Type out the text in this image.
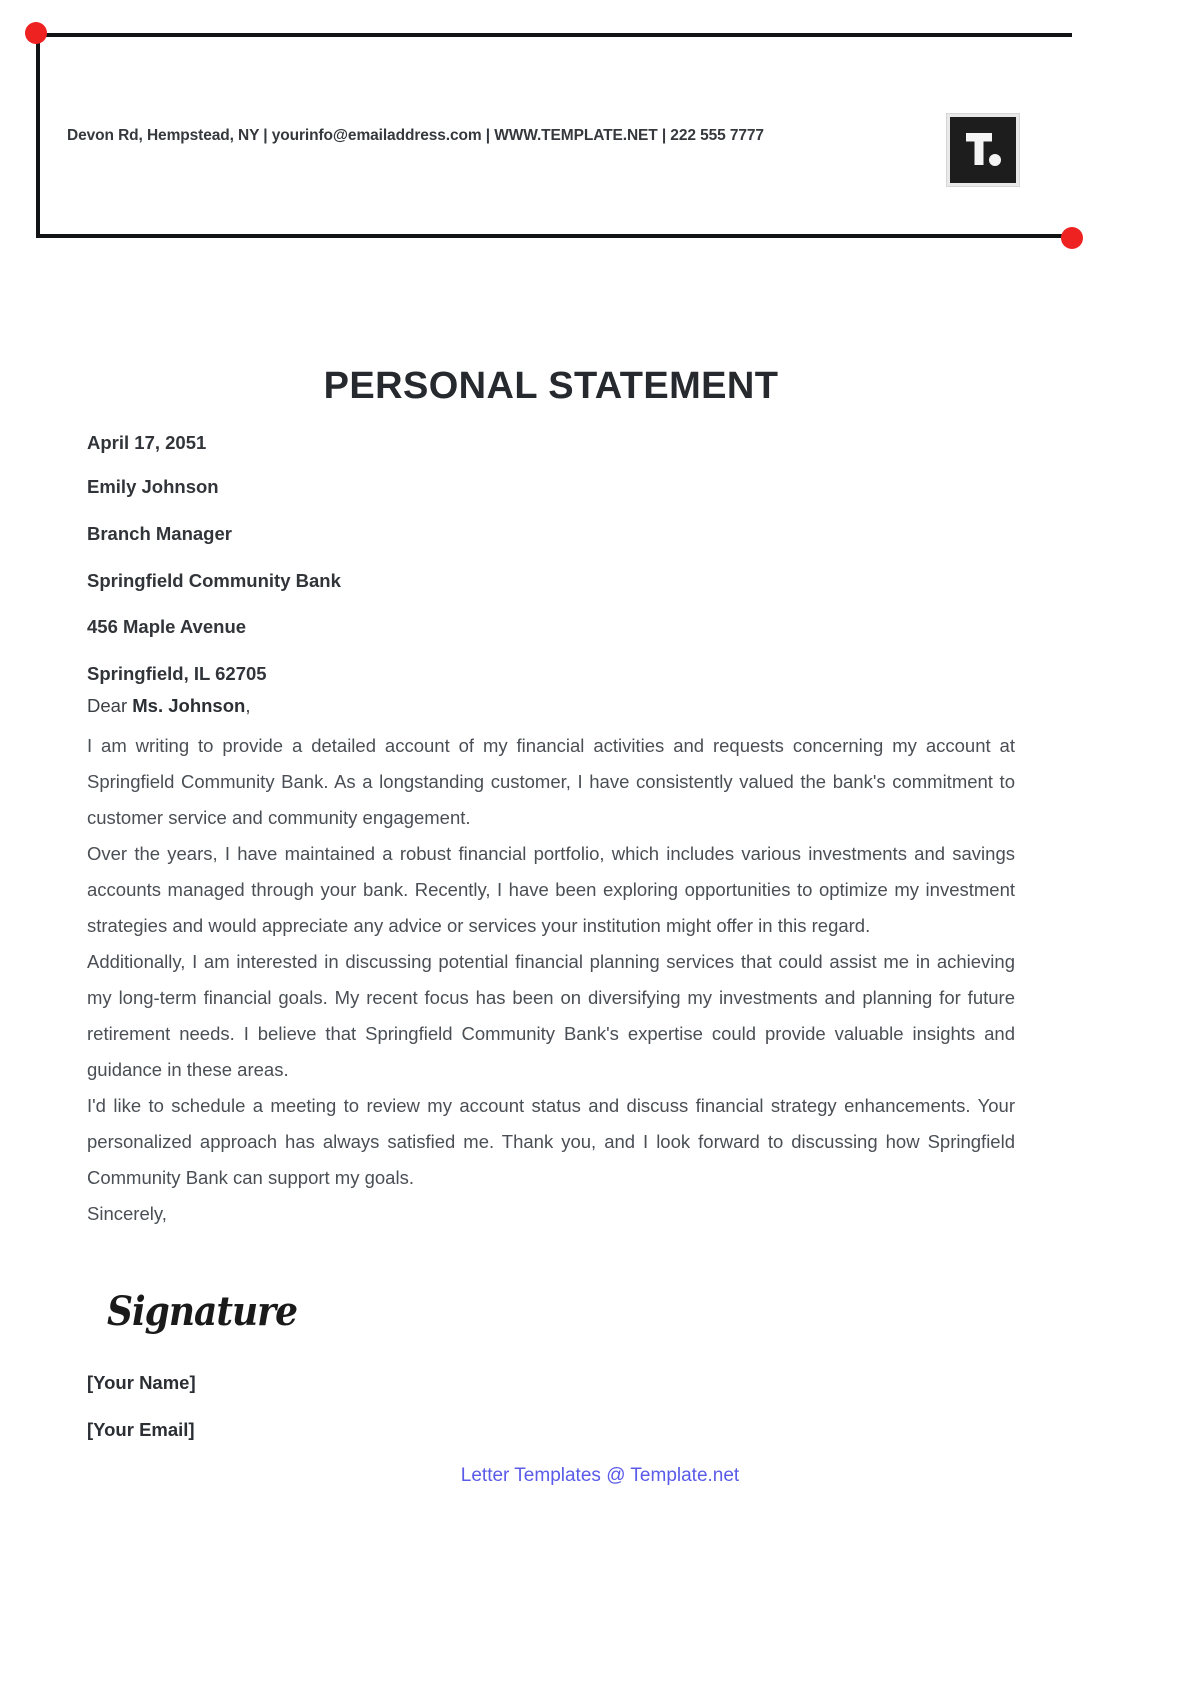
Devon Rd, Hempstead, NY | yourinfo@emailaddress.com | WWW.TEMPLATE.NET | 222 555 7777
PERSONAL STATEMENT
April 17, 2051
Emily Johnson
Branch Manager
Springfield Community Bank
456 Maple Avenue
Springfield, IL 62705
Dear Ms. Johnson,

I am writing to provide a detailed account of my financial activities and requests concerning my account at Springfield Community Bank. As a longstanding customer, I have consistently valued the bank's commitment to customer service and community engagement.

Over the years, I have maintained a robust financial portfolio, which includes various investments and savings accounts managed through your bank. Recently, I have been exploring opportunities to optimize my investment strategies and would appreciate any advice or services your institution might offer in this regard.

Additionally, I am interested in discussing potential financial planning services that could assist me in achieving my long-term financial goals. My recent focus has been on diversifying my investments and planning for future retirement needs. I believe that Springfield Community Bank's expertise could provide valuable insights and guidance in these areas.

I'd like to schedule a meeting to review my account status and discuss financial strategy enhancements. Your personalized approach has always satisfied me. Thank you, and I look forward to discussing how Springfield Community Bank can support my goals.

Sincerely,
Signature
[Your Name]
[Your Email]
Letter Templates @ Template.net
